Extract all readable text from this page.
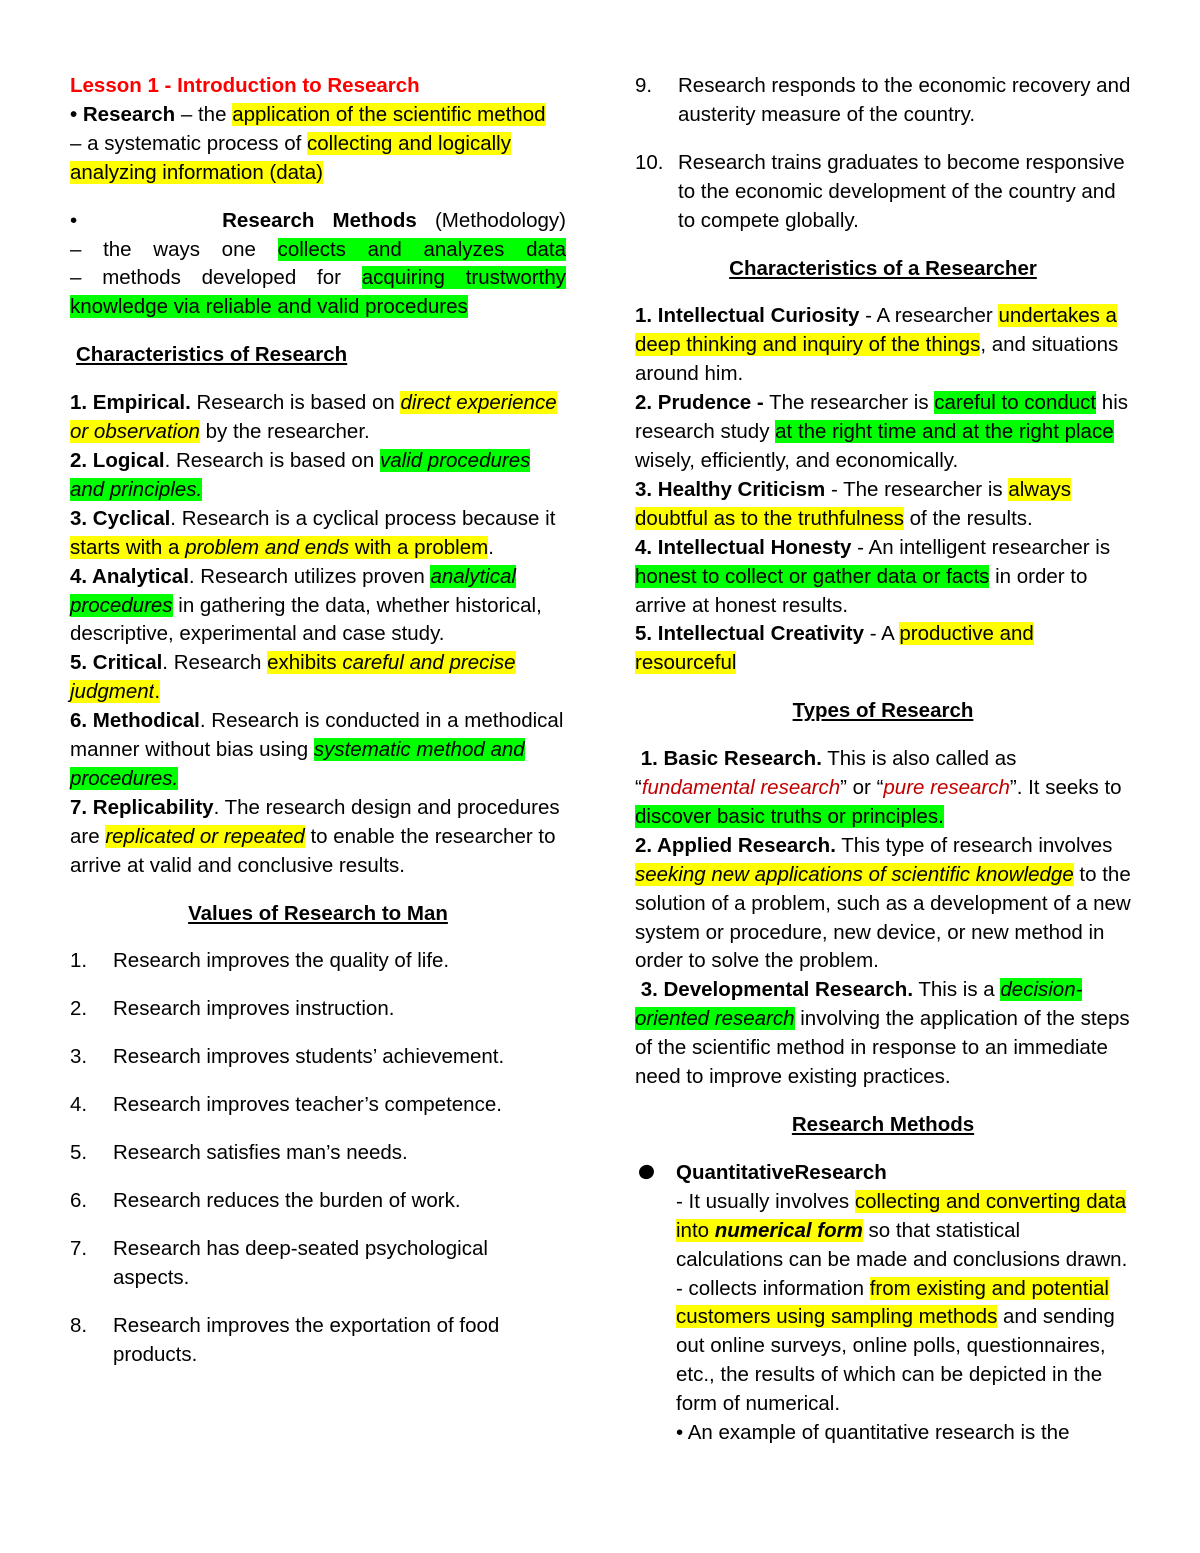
Lesson 1 - Introduction to Research

• Research – the application of the scientific method
– a systematic process of collecting and logically analyzing information (data)

•	Research Methods (Methodology)

– the ways one collects and analyzes data

– methods developed for acquiring trustworthy knowledge via reliable and valid procedures

Characteristics of Research

1. Empirical. Research is based on direct experience or observation by the researcher.

2. Logical. Research is based on valid procedures and principles.

3. Cyclical. Research is a cyclical process because it starts with a problem and ends with a problem.

4. Analytical. Research utilizes proven analytical procedures in gathering the data, whether historical, descriptive, experimental and case study.

5. Critical. Research exhibits careful and precise judgment.

6. Methodical. Research is conducted in a methodical manner without bias using systematic method and procedures.

7. Replicability. The research design and procedures are replicated or repeated to enable the researcher to arrive at valid and conclusive results.

Values of Research to Man

1.	Research improves the quality of life.
2.	Research improves instruction.
3.	Research improves students’ achievement.
4.	Research improves teacher’s competence.
5.	Research satisfies man’s needs.
6.	Research reduces the burden of work.
7.	Research has deep-seated psychological aspects.
8.	Research improves the exportation of food products.
9.	Research responds to the economic recovery and austerity measure of the country.
10. Research trains graduates to become responsive to the economic development of the country and to compete globally.

Characteristics of a Researcher

1. Intellectual Curiosity - A researcher undertakes a deep thinking and inquiry of the things, and situations around him.

2. Prudence - The researcher is careful to conduct his research study at the right time and at the right place wisely, efficiently, and economically.

3. Healthy Criticism - The researcher is always doubtful as to the truthfulness of the results.

4. Intellectual Honesty - An intelligent researcher is honest to collect or gather data or facts in order to arrive at honest results.

5. Intellectual Creativity - A productive and resourceful

Types of Research

1. Basic Research. This is also called as “fundamental research” or “pure research”. It seeks to discover basic truths or principles.

2. Applied Research. This type of research involves seeking new applications of scientific knowledge to the solution of a problem, such as a development of a new system or procedure, new device, or new method in order to solve the problem.

3. Developmental Research. This is a decision-oriented research involving the application of the steps of the scientific method in response to an immediate need to improve existing practices.

Research Methods

QuantitativeResearch
- It usually involves collecting and converting data into numerical form so that statistical calculations can be made and conclusions drawn.
- collects information from existing and potential customers using sampling methods and sending out online surveys, online polls, questionnaires, etc., the results of which can be depicted in the form of numerical.
• An example of quantitative research is the
